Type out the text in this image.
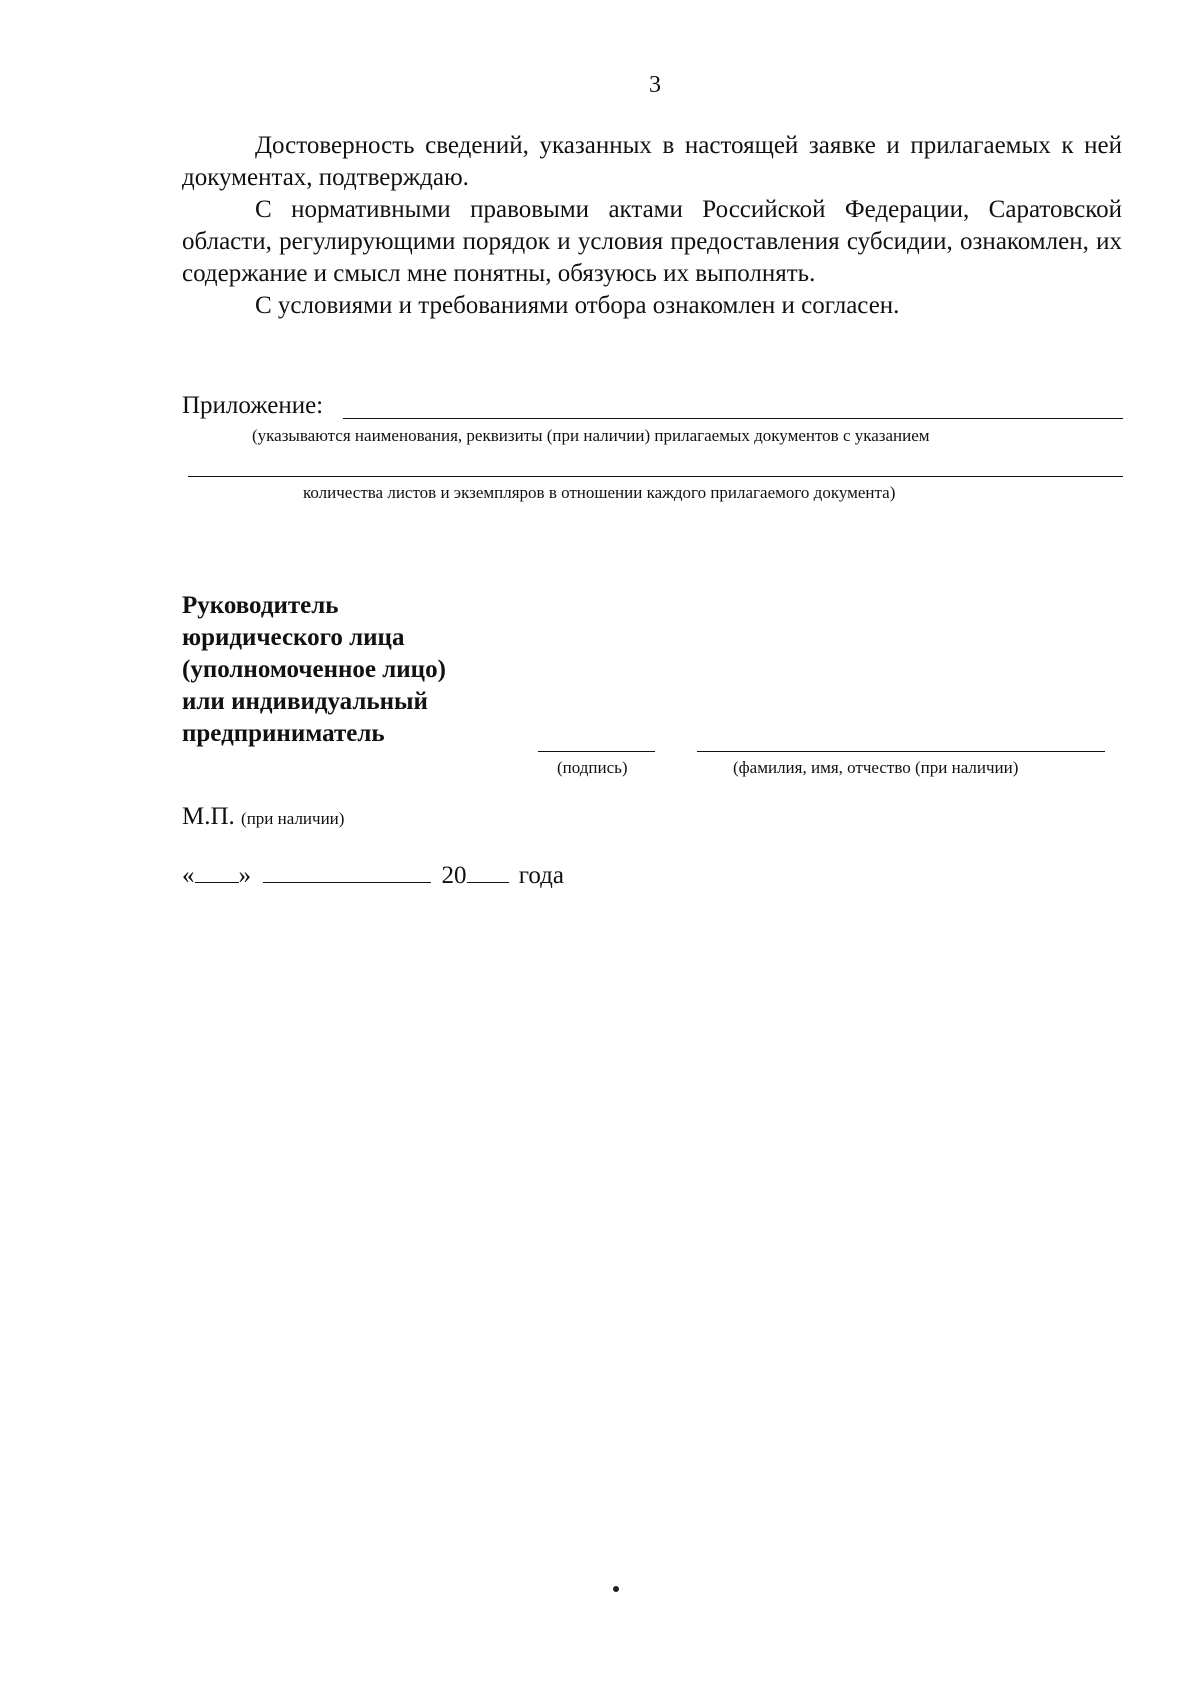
3

Достоверность сведений, указанных в настоящей заявке и прилагаемых к ней документах, подтверждаю.

С нормативными правовыми актами Российской Федерации, Саратовской области, регулирующими порядок и условия предоставления субсидии, ознакомлен, их содержание и смысл мне понятны, обязуюсь их выполнять.

С условиями и требованиями отбора ознакомлен и согласен.

Приложение:
(указываются наименования, реквизиты (при наличии) прилагаемых документов с указанием
количества листов и экземпляров в отношении каждого прилагаемого документа)
Руководитель
юридического лица
(уполномоченное лицо)
или индивидуальный
предприниматель
(подпись)	(фамилия, имя, отчество (при наличии)
М.П. (при наличии)
« »	20 года
